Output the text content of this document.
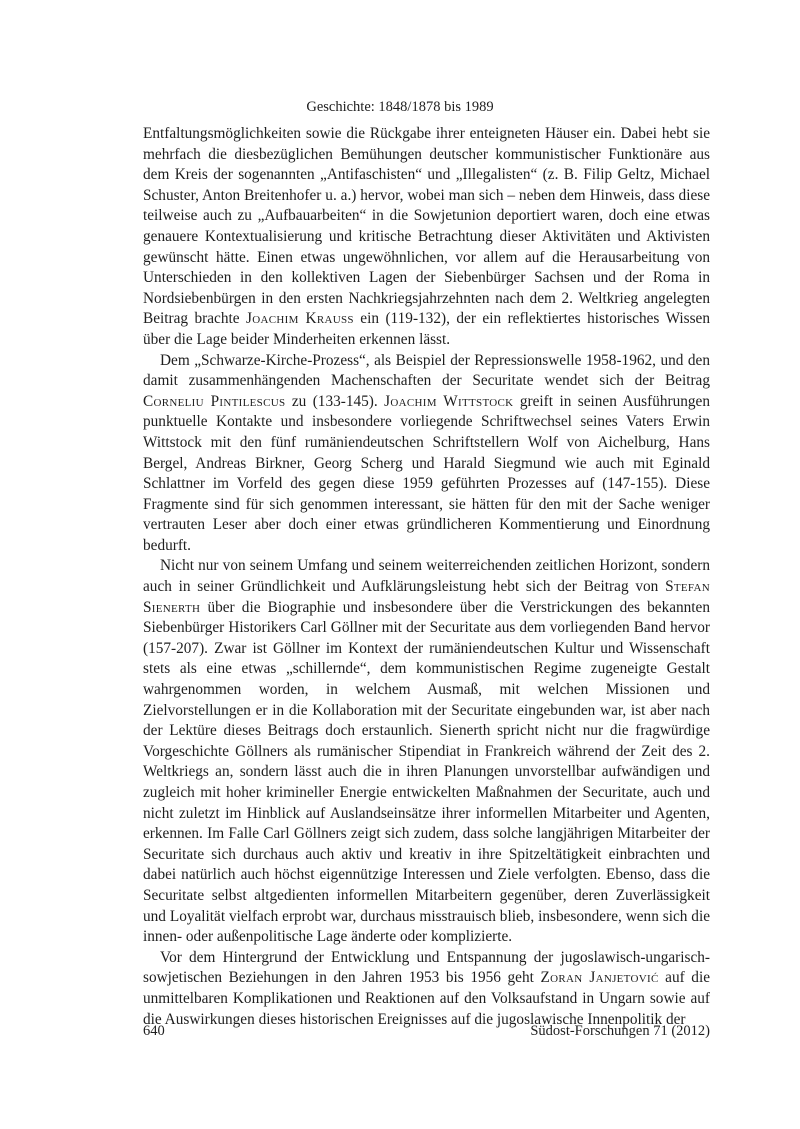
Geschichte: 1848/1878 bis 1989

Entfaltungsmöglichkeiten sowie die Rückgabe ihrer enteigneten Häuser ein. Dabei hebt sie mehrfach die diesbezüglichen Bemühungen deutscher kommunistischer Funktionäre aus dem Kreis der sogenannten „Antifaschisten“ und „Illegalisten“ (z. B. Filip Geltz, Michael Schuster, Anton Breitenhofer u. a.) hervor, wobei man sich – neben dem Hinweis, dass diese teilweise auch zu „Aufbauarbeiten“ in die Sowjetunion deportiert waren, doch eine etwas genauere Kontextualisierung und kritische Betrachtung dieser Aktivitäten und Aktivisten gewünscht hätte. Einen etwas ungewöhnlichen, vor allem auf die Herausarbeitung von Unterschieden in den kollektiven Lagen der Siebenbürger Sachsen und der Roma in Nordsiebenbürgen in den ersten Nachkriegsjahrzehnten nach dem 2. Weltkrieg angelegten Beitrag brachte Joachim Krauss ein (119-132), der ein reflektiertes historisches Wissen über die Lage beider Minderheiten erkennen lässt.

Dem „Schwarze-Kirche-Prozess“, als Beispiel der Repressionswelle 1958-1962, und den damit zusammenhängenden Machenschaften der Securitate wendet sich der Beitrag Corneliu Pintilescus zu (133-145). Joachim Wittstock greift in seinen Ausführungen punktuelle Kontakte und insbesondere vorliegende Schriftwechsel seines Vaters Erwin Wittstock mit den fünf rumäniendeutschen Schriftstellern Wolf von Aichelburg, Hans Bergel, Andreas Birkner, Georg Scherg und Harald Siegmund wie auch mit Eginald Schlattner im Vorfeld des gegen diese 1959 geführten Prozesses auf (147-155). Diese Fragmente sind für sich genommen interessant, sie hätten für den mit der Sache weniger vertrauten Leser aber doch einer etwas gründlicheren Kommentierung und Einordnung bedurft.

Nicht nur von seinem Umfang und seinem weiterreichenden zeitlichen Horizont, sondern auch in seiner Gründlichkeit und Aufklärungsleistung hebt sich der Beitrag von Stefan Sienerth über die Biographie und insbesondere über die Verstrickungen des bekannten Siebenbürger Historikers Carl Göllner mit der Securitate aus dem vorliegenden Band hervor (157-207). Zwar ist Göllner im Kontext der rumäniendeutschen Kultur und Wissenschaft stets als eine etwas „schillernde“, dem kommunistischen Regime zugeneigte Gestalt wahrgenommen worden, in welchem Ausmaß, mit welchen Missionen und Zielvorstellungen er in die Kollaboration mit der Securitate eingebunden war, ist aber nach der Lektüre dieses Beitrags doch erstaunlich. Sienerth spricht nicht nur die fragwürdige Vorgeschichte Göllners als rumänischer Stipendiat in Frankreich während der Zeit des 2. Weltkriegs an, sondern lässt auch die in ihren Planungen unvorstellbar aufwändigen und zugleich mit hoher krimineller Energie entwickelten Maßnahmen der Securitate, auch und nicht zuletzt im Hinblick auf Auslandseinsätze ihrer informellen Mitarbeiter und Agenten, erkennen. Im Falle Carl Göllners zeigt sich zudem, dass solche langjährigen Mitarbeiter der Securitate sich durchaus auch aktiv und kreativ in ihre Spitzeltätigkeit einbrachten und dabei natürlich auch höchst eigennützige Interessen und Ziele verfolgten. Ebenso, dass die Securitate selbst altgedienten informellen Mitarbeitern gegenüber, deren Zuverlässigkeit und Loyalität vielfach erprobt war, durchaus misstrauisch blieb, insbesondere, wenn sich die innen- oder außenpolitische Lage änderte oder komplizierte.

Vor dem Hintergrund der Entwicklung und Entspannung der jugoslawisch-ungarisch-sowjetischen Beziehungen in den Jahren 1953 bis 1956 geht Zoran Janjetović auf die unmittelbaren Komplikationen und Reaktionen auf den Volksaufstand in Ungarn sowie auf die Auswirkungen dieses historischen Ereignisses auf die jugoslawische Innenpolitik der

640	Südost-Forschungen 71 (2012)
